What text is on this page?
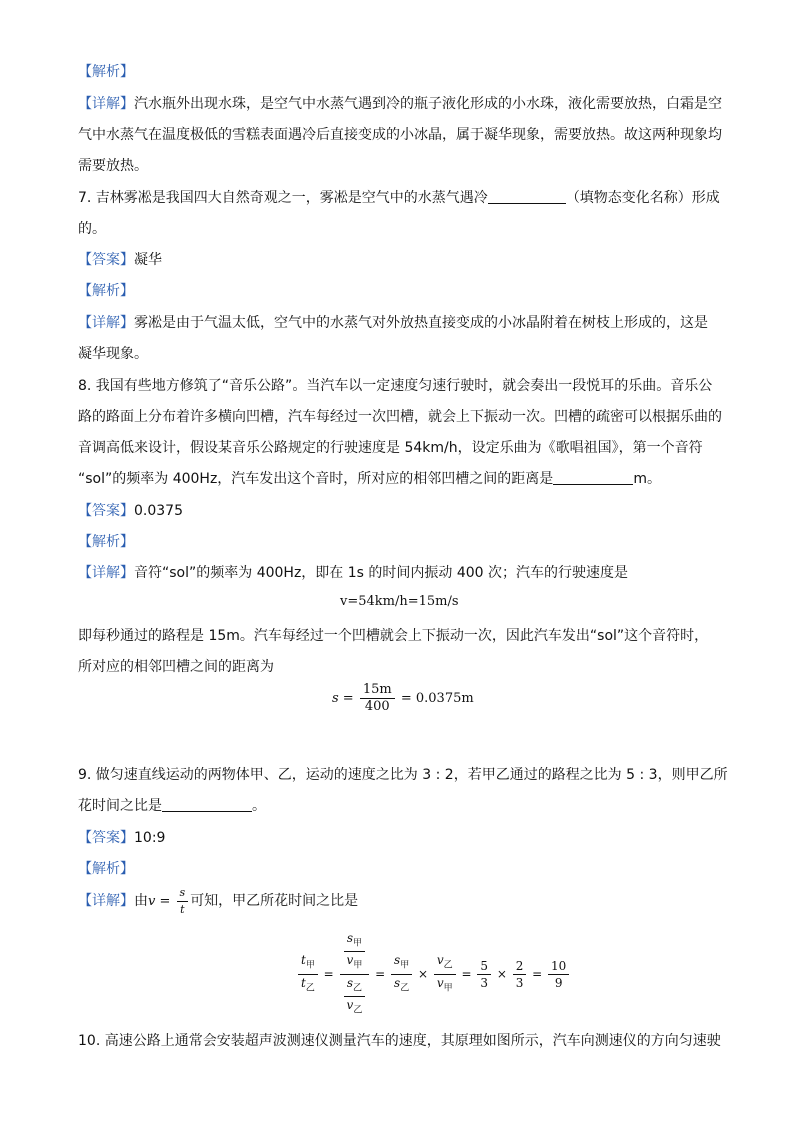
【解析】
【详解】汽水瓶外出现水珠，是空气中水蒸气遇到冷的瓶子液化形成的小水珠，液化需要放热，白霜是空
气中水蒸气在温度极低的雪糕表面遇冷后直接变成的小冰晶，属于凝华现象，需要放热。故这两种现象均
需要放热。
7. 吉林雾凇是我国四大自然奇观之一，雾凇是空气中的水蒸气遇冷	（填物态变化名称）形成
的。
【答案】凝华
【解析】
【详解】雾凇是由于气温太低，空气中的水蒸气对外放热直接变成的小冰晶附着在树枝上形成的，这是
凝华现象。
8. 我国有些地方修筑了“音乐公路”。当汽车以一定速度匀速行驶时，就会奏出一段悦耳的乐曲。音乐公
路的路面上分布着许多横向凹槽，汽车每经过一次凹槽，就会上下振动一次。凹槽的疏密可以根据乐曲的
音调高低来设计，假设某音乐公路规定的行驶速度是 54km/h，设定乐曲为《歌唱祖国》，第一个音符
“sol”的频率为 400Hz，汽车发出这个音时，所对应的相邻凹槽之间的距离是	m。
【答案】0.0375
【解析】
【详解】音符“sol”的频率为 400Hz，即在 1s 的时间内振动 400 次；汽车的行驶速度是
v=54km/h=15m/s
即每秒通过的路程是 15m。汽车每经过一个凹槽就会上下振动一次，因此汽车发出“sol”这个音符时，
所对应的相邻凹槽之间的距离为
$s = \frac{15m}{400} = 0.0375m$
9. 做匀速直线运动的两物体甲、乙，运动的速度之比为 3 : 2，若甲乙通过的路程之比为 5 : 3，则甲乙所
花时间之比是	。
【答案】10:9
【解析】
【详解】由$v = \frac{s}{t}$ 可知，甲乙所花时间之比是
$\frac{t_甲}{t_乙} = \frac{\frac{s_甲}{v_甲}}{\frac{s_乙}{v_乙}} = \frac{s_甲}{s_乙} \times \frac{v_乙}{v_甲} = \frac{5}{3} \times \frac{2}{3} = \frac{10}{9}$
10. 高速公路上通常会安装超声波测速仪测量汽车的速度，其原理如图所示，汽车向测速仪的方向匀速驶
